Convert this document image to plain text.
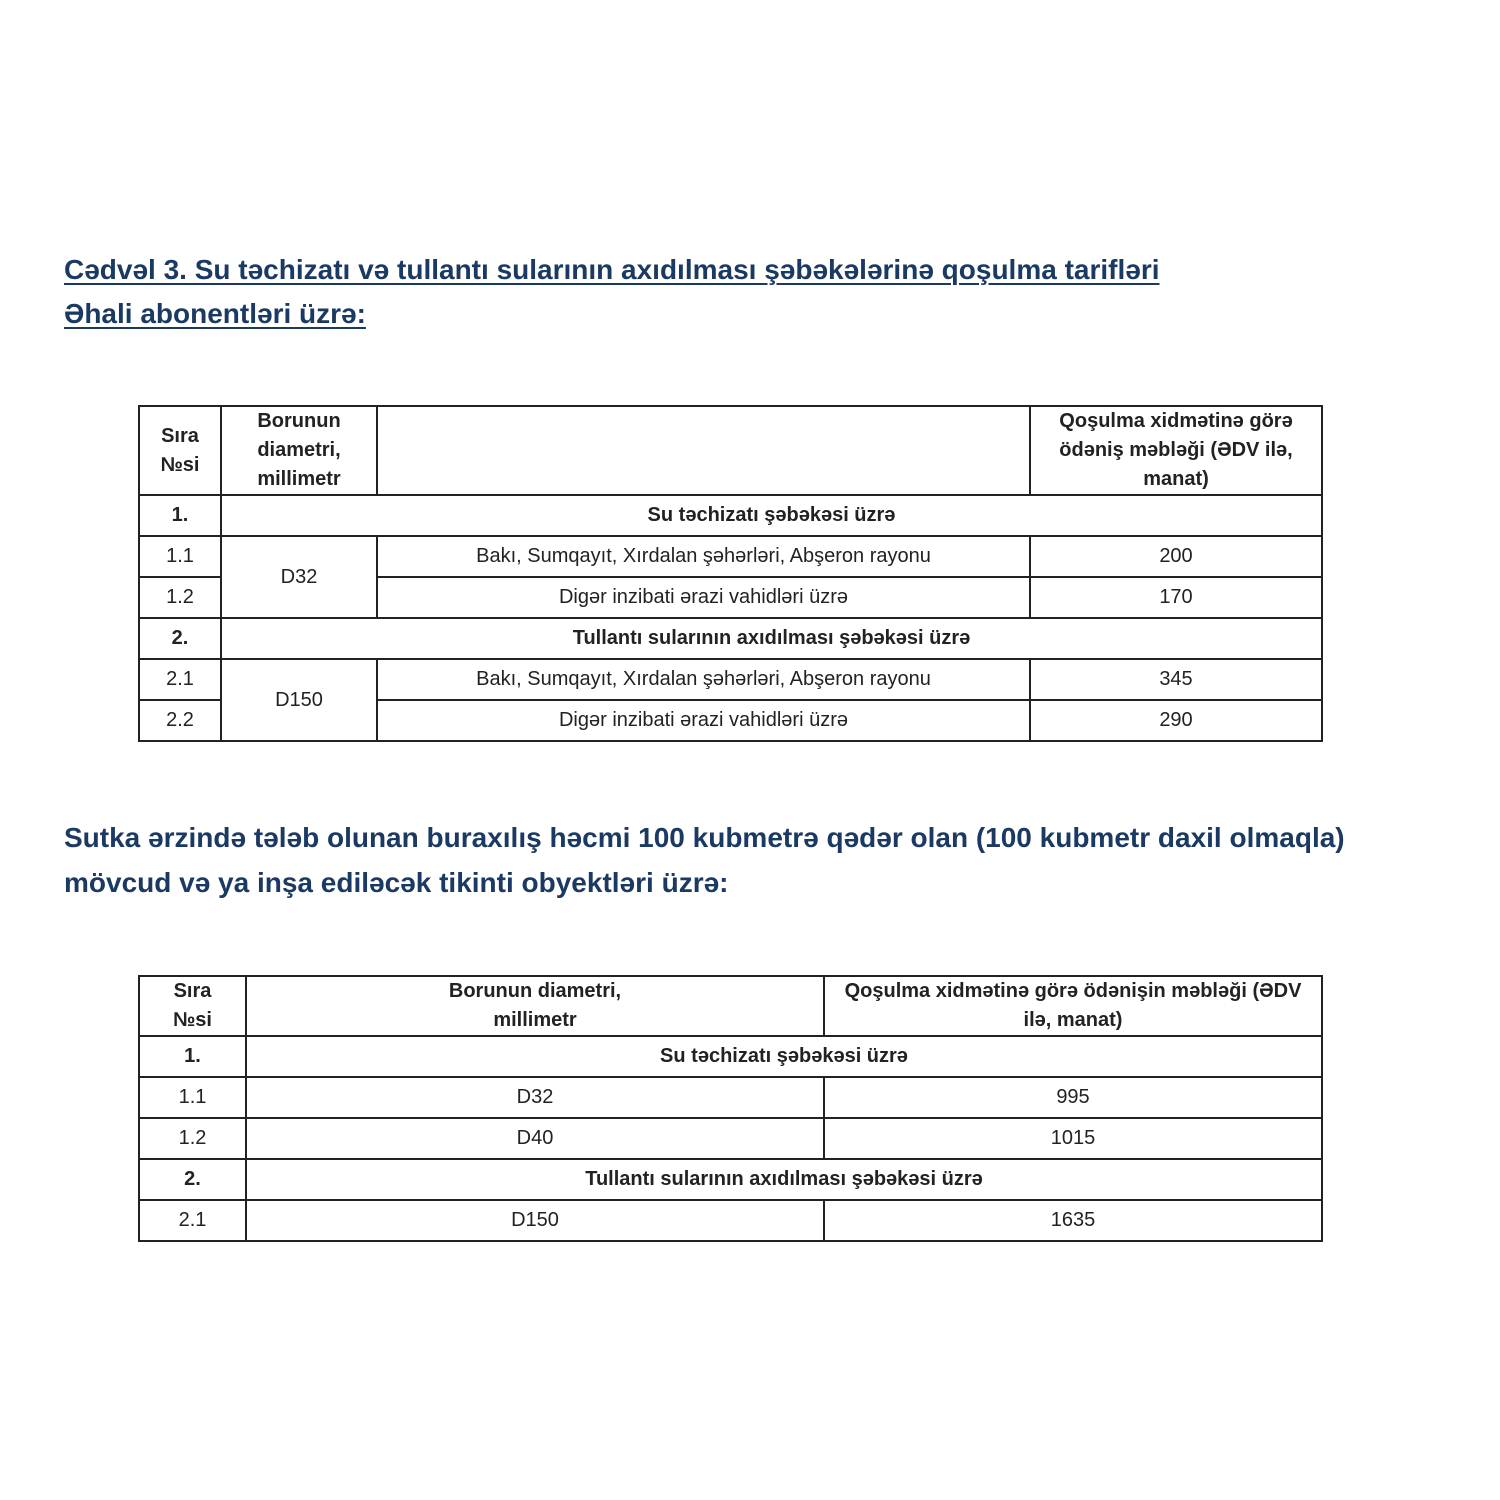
Cədvəl 3. Su təchizatı və tullantı sularının axıdılması şəbəkələrinə qoşulma tarifləri
Əhali abonentləri üzrə:
Sıra №si	Borunun diametri, millimetr		Qoşulma xidmətinə görə ödəniş məbləği (ƏDV ilə, manat)
1.	Su təchizatı şəbəkəsi üzrə		
1.1	D32	Bakı, Sumqayıt, Xırdalan şəhərləri, Abşeron rayonu	200
1.2		Digər inzibati ərazi vahidləri üzrə	170
2.	Tullantı sularının axıdılması şəbəkəsi üzrə		
2.1	D150	Bakı, Sumqayıt, Xırdalan şəhərləri, Abşeron rayonu	345
2.2		Digər inzibati ərazi vahidləri üzrə	290
Sutka ərzində tələb olunan buraxılış həcmi 100 kubmetrə qədər olan (100 kubmetr daxil olmaqla)
mövcud və ya inşa ediləcək tikinti obyektləri üzrə:
Sıra №si	Borunun diametri, millimetr	Qoşulma xidmətinə görə ödənişin məbləği (ƏDV ilə, manat)
1.	Su təchizatı şəbəkəsi üzrə	
1.1	D32	995
1.2	D40	1015
2.	Tullantı sularının axıdılması şəbəkəsi üzrə	
2.1	D150	1635
